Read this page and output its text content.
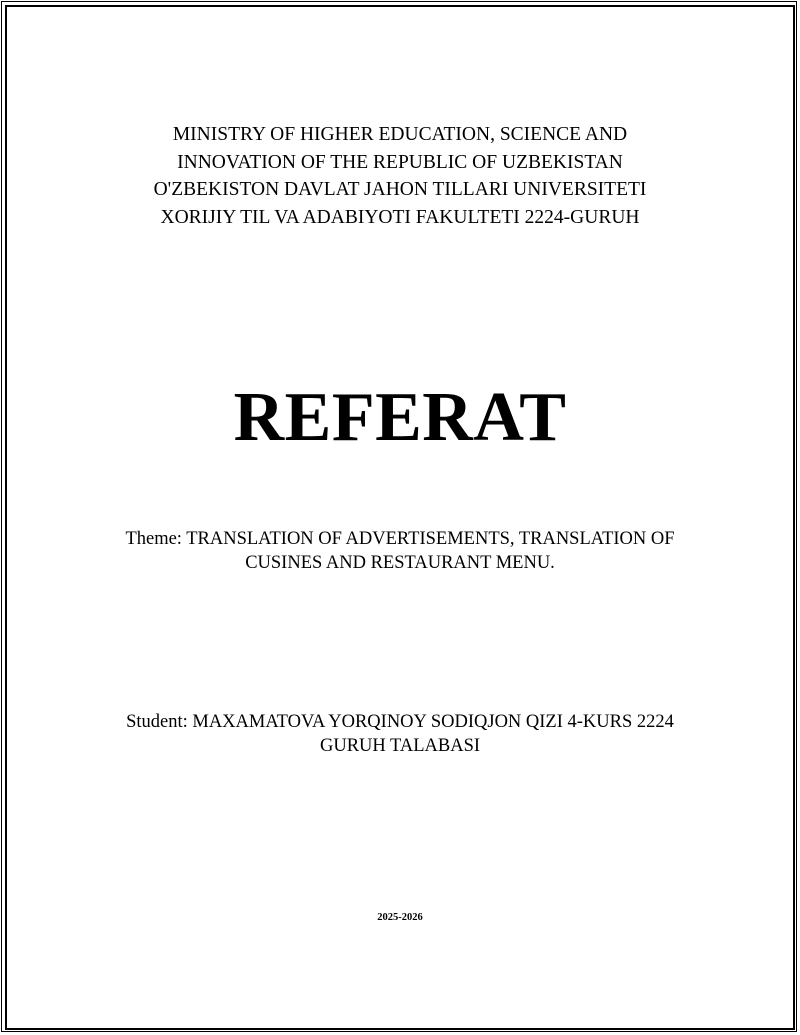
MINISTRY OF HIGHER EDUCATION, SCIENCE AND
INNOVATION OF THE REPUBLIC OF UZBEKISTAN
O'ZBEKISTON DAVLAT JAHON TILLARI UNIVERSITETI
XORIJIY TIL VA ADABIYOTI FAKULTETI 2224-GURUH
REFERAT
Theme: TRANSLATION OF ADVERTISEMENTS, TRANSLATION OF
CUSINES AND RESTAURANT MENU.
Student: MAXAMATOVA YORQINOY SODIQJON QIZI 4-KURS 2224
GURUH TALABASI
2025-2026
